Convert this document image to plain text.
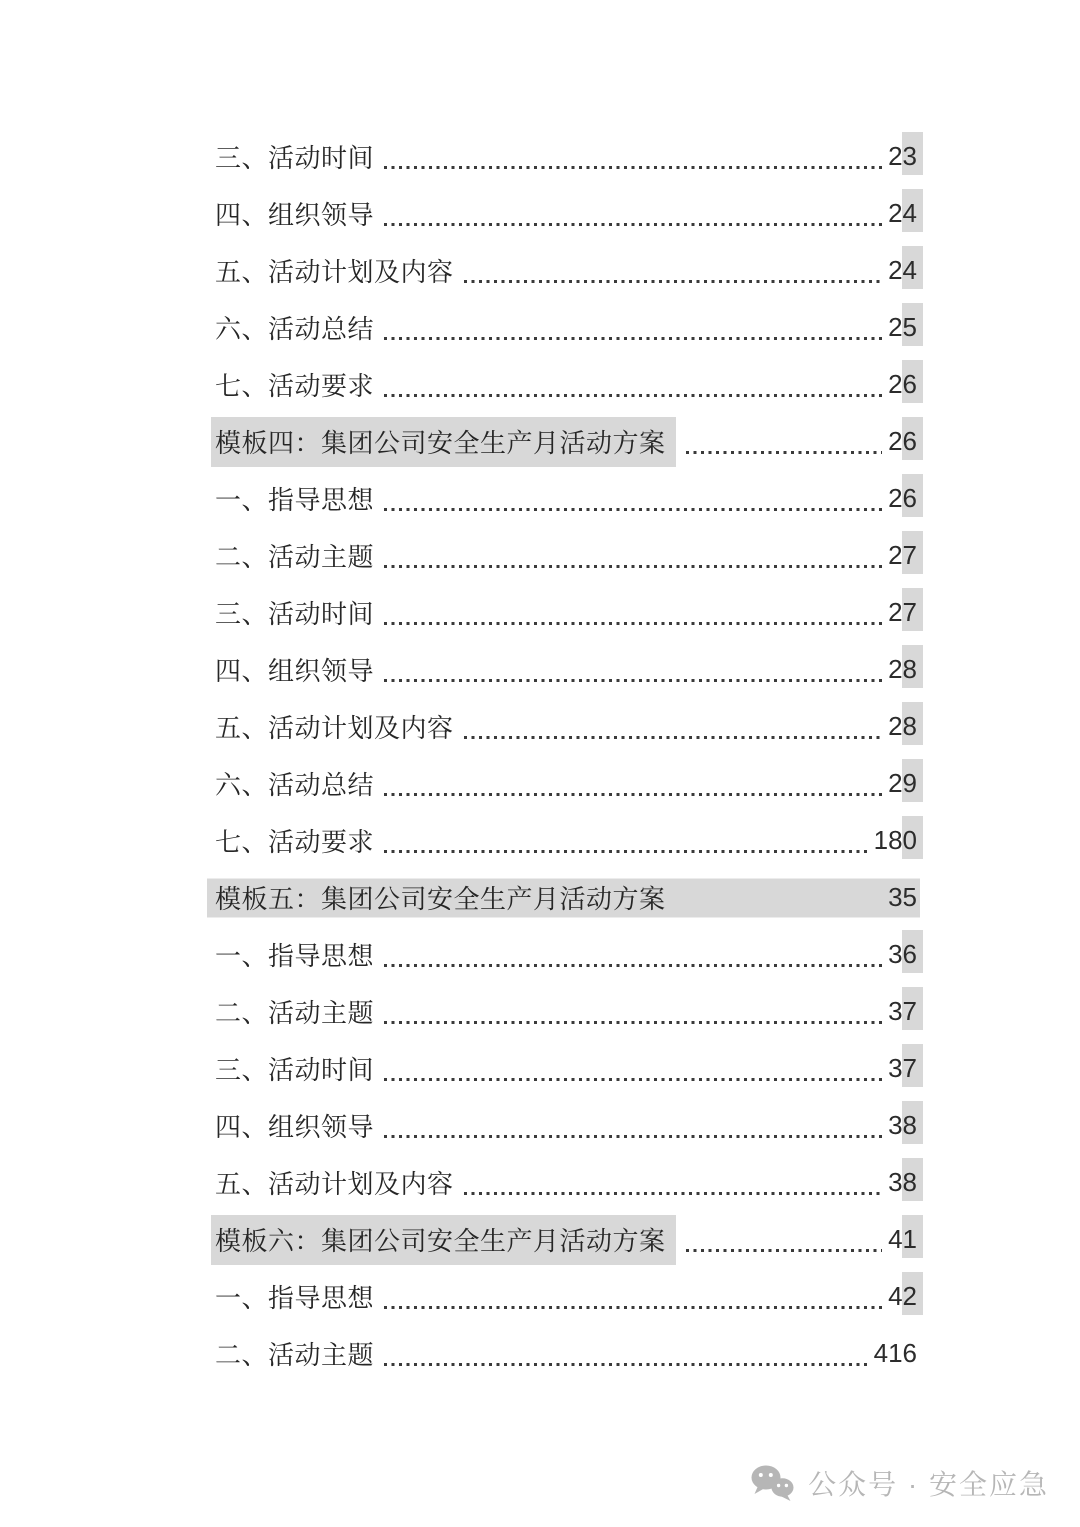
三、活动时间	23
四、组织领导	24
五、活动计划及内容	24
六、活动总结	25
七、活动要求	26
模板四：集团公司安全生产月活动方案	26
一、指导思想	26
二、活动主题	27
三、活动时间	27
四、组织领导	28
五、活动计划及内容	28
六、活动总结	29
七、活动要求	180
模板五：集团公司安全生产月活动方案	35
一、指导思想	36
二、活动主题	37
三、活动时间	37
四、组织领导	38
五、活动计划及内容	38
模板六：集团公司安全生产月活动方案	41
一、指导思想	42
二、活动主题	416
公众号 · 安全应急
